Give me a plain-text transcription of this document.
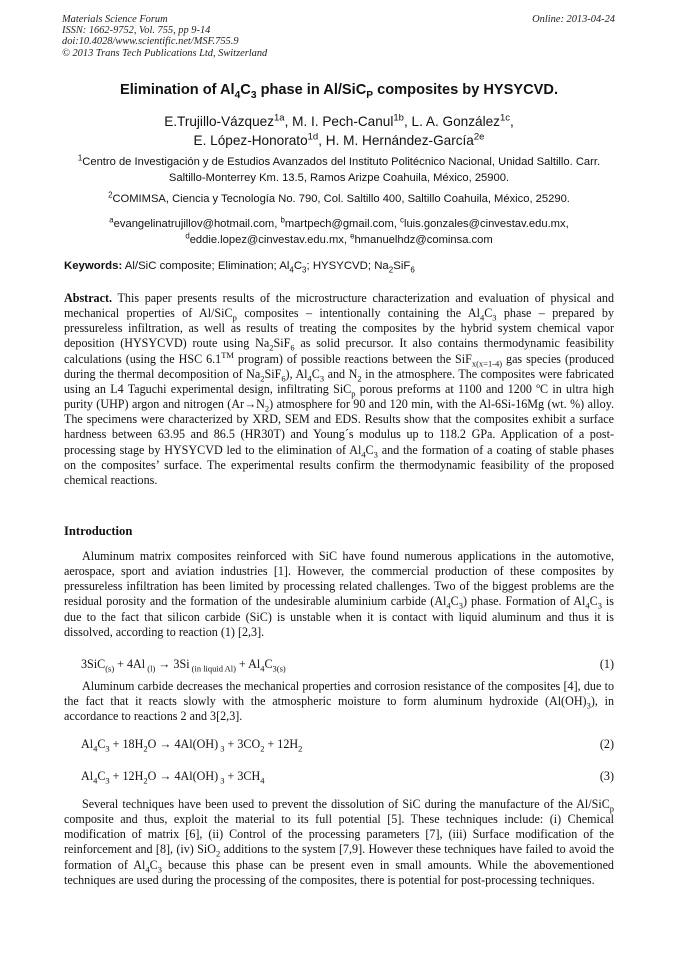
Materials Science Forum
ISSN: 1662-9752, Vol. 755, pp 9-14
doi:10.4028/www.scientific.net/MSF.755.9
© 2013 Trans Tech Publications Ltd, Switzerland
Online: 2013-04-24
Elimination of $Al_4C_3$ phase in Al/SiC$_P$ composites by HYSYCVD.
E.Trujillo-Vázquez$^{1a}$, M. I. Pech-Canul$^{1b}$, L. A. González$^{1c}$,
E. López-Honorato$^{1d}$, H. M. Hernández-García$^{2e}$
$^1$Centro de Investigación y de Estudios Avanzados del Instituto Politécnico Nacional, Unidad Saltillo. Carr. Saltillo-Monterrey Km. 13.5, Ramos Arizpe Coahuila, México, 25900.
$^2$COMIMSA, Ciencia y Tecnología No. 790, Col. Saltillo 400, Saltillo Coahuila, México, 25290.
$^a$evangelinatrujillov@hotmail.com, $^b$martpech@gmail.com, $^c$luis.gonzales@cinvestav.edu.mx,
$^d$eddie.lopez@cinvestav.edu.mx, $^e$hmanuelhdz@cominsa.com
Keywords: Al/SiC composite; Elimination; $Al_4C_3$; HYSYCVD; $Na_2SiF_6$
Abstract. This paper presents results of the microstructure characterization and evaluation of physical and mechanical properties of Al/SiC$_p$ composites – intentionally containing the $Al_4C_3$ phase – prepared by pressureless infiltration, as well as results of treating the composites by the hybrid system chemical vapor deposition (HYSYCVD) route using $Na_2SiF_6$ as solid precursor. It also contains thermodynamic feasibility calculations (using the HSC 6.1™ program) of possible reactions between the SiF$_{x(x=1-4)}$ gas species (produced during the thermal decomposition of $Na_2SiF_6$), $Al_4C_3$ and $N_2$ in the atmosphere. The composites were fabricated using an L4 Taguchi experimental design, infiltrating SiC$_p$ porous preforms at 1100 and 1200 ºC in ultra high purity (UHP) argon and nitrogen $(Ar\to N_2)$ atmosphere for 90 and 120 min, with the Al-6Si-16Mg (wt. %) alloy. The specimens were characterized by XRD, SEM and EDS. Results show that the composites exhibit a surface hardness between 63.95 and 86.5 (HR30T) and Young´s modulus up to 118.2 GPa. Application of a post-processing stage by HYSYCVD led to the elimination of $Al_4C_3$ and the formation of a coating of stable phases on the composites’ surface. The experimental results confirm the thermodynamic feasibility of the proposed chemical reactions.
Introduction
Aluminum matrix composites reinforced with SiC have found numerous applications in the automotive, aerospace, sport and aviation industries [1]. However, the commercial production of these composites by pressureless infiltration has been limited by processing related challenges. Two of the biggest problems are the residual porosity and the formation of the undesirable aluminium carbide $(Al_4C_3)$ phase. Formation of $Al_4C_3$ is due to the fact that silicon carbide (SiC) is unstable when it is contact with liquid aluminum and thus it is dissolved, according to reaction (1) [2,3].
3SiC$_{(s)}$ + 4Al $_{(l)}$ → 3Si $_{(in liquid Al)} + Al_4C_{3(s)}$	(1)
Aluminum carbide decreases the mechanical properties and corrosion resistance of the composites [4], due to the fact that it reacts slowly with the atmospheric moisture to form aluminum hydroxide $(Al(OH)_3)$, in accordance to reactions 2 and 3[2,3].
$Al_4C_3 + 18H_2O \to 4Al(OH) _3 + 3CO_2 + 12H_2$	(2)
$Al_4C_3 + 12H_2O \to 4Al(OH) _3 + 3CH_4$	(3)
Several techniques have been used to prevent the dissolution of SiC during the manufacture of the Al/SiC$_p$ composite and thus, exploit the material to its full potential [5]. These techniques include: (i) Chemical modification of matrix [6], (ii) Control of the processing parameters [7], (iii) Surface modification of the reinforcement and [8], (iv) SiO$_2$ additions to the system [7,9]. However these techniques have failed to avoid the formation of $Al_4C_3$ because this phase can be present even in small amounts. While the abovementioned techniques are used during the processing of the composites, there is potential for post-processing techniques.
